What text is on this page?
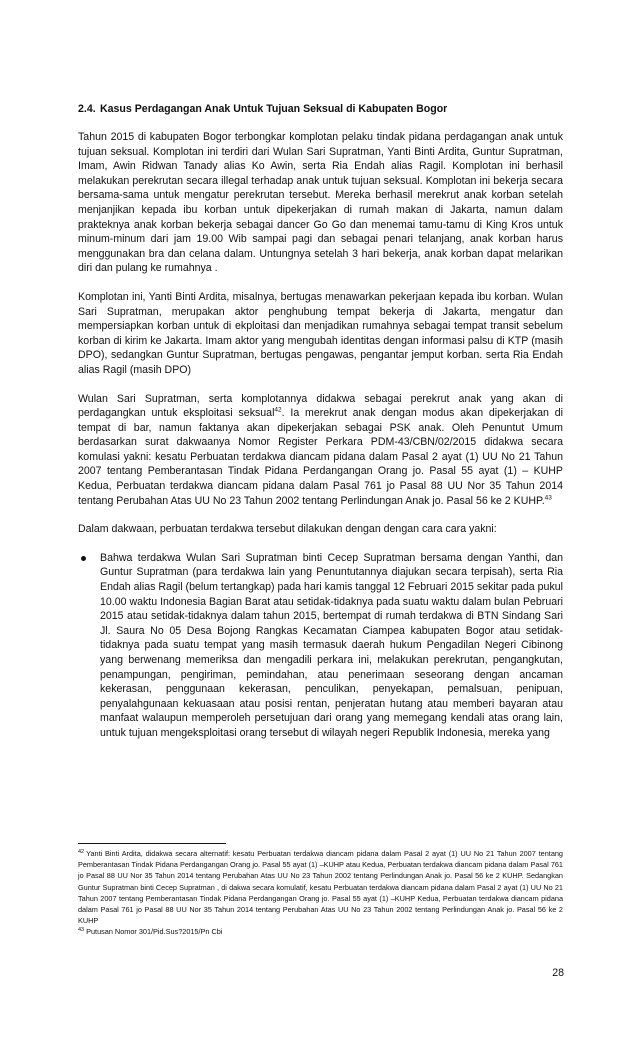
2.4. Kasus Perdagangan Anak Untuk Tujuan Seksual di Kabupaten Bogor

Tahun 2015 di kabupaten Bogor terbongkar komplotan pelaku tindak pidana perdagangan anak untuk tujuan seksual. Komplotan ini terdiri dari Wulan Sari Supratman, Yanti Binti Ardita, Guntur Supratman, Imam, Awin Ridwan Tanady alias Ko Awin, serta Ria Endah alias Ragil. Komplotan ini berhasil melakukan perekrutan secara illegal terhadap anak untuk tujuan seksual. Komplotan ini bekerja secara bersama-sama untuk mengatur perekrutan tersebut. Mereka berhasil merekrut anak korban setelah menjanjikan kepada ibu korban untuk dipekerjakan di rumah makan di Jakarta, namun dalam prakteknya anak korban bekerja sebagai dancer Go Go dan menemai tamu-tamu di King Kros untuk minum-minum dari jam 19.00 Wib sampai pagi dan sebagai penari telanjang, anak korban harus menggunakan bra dan celana dalam. Untungnya setelah 3 hari bekerja, anak korban dapat melarikan diri dan pulang ke rumahnya .

Komplotan ini, Yanti Binti Ardita, misalnya, bertugas menawarkan pekerjaan kepada ibu korban. Wulan Sari Supratman, merupakan aktor penghubung tempat bekerja di Jakarta, mengatur dan mempersiapkan korban untuk di ekploitasi dan menjadikan rumahnya sebagai tempat transit sebelum korban di kirim ke Jakarta. Imam aktor yang mengubah identitas dengan informasi palsu di KTP (masih DPO), sedangkan Guntur Supratman, bertugas pengawas, pengantar jemput korban. serta Ria Endah alias Ragil (masih DPO)

Wulan Sari Supratman, serta komplotannya didakwa sebagai perekrut anak yang akan di perdagangkan untuk eksploitasi seksual$^{42}$. Ia merekrut anak dengan modus akan dipekerjakan di tempat di bar, namun faktanya akan dipekerjakan sebagai PSK anak. Oleh Penuntut Umum berdasarkan surat dakwaanya Nomor Register Perkara PDM-43/CBN/02/2015 didakwa secara komulasi yakni: kesatu Perbuatan terdakwa diancam pidana dalam Pasal 2 ayat (1) UU No 21 Tahun 2007 tentang Pemberantasan Tindak Pidana Perdangangan Orang jo. Pasal 55 ayat (1) – KUHP Kedua, Perbuatan terdakwa diancam pidana dalam Pasal 761 jo Pasal 88 UU Nor 35 Tahun 2014 tentang Perubahan Atas UU No 23 Tahun 2002 tentang Perlindungan Anak jo. Pasal 56 ke 2 KUHP.$^{43}$

Dalam dakwaan, perbuatan terdakwa tersebut dilakukan dengan dengan cara cara yakni:

Bahwa terdakwa Wulan Sari Supratman binti Cecep Supratman bersama dengan Yanthi, dan Guntur Supratman (para terdakwa lain yang Penuntutannya diajukan secara terpisah), serta Ria Endah alias Ragil (belum tertangkap) pada hari kamis tanggal 12 Februari 2015 sekitar pada pukul 10.00 waktu Indonesia Bagian Barat atau setidak-tidaknya pada suatu waktu dalam bulan Pebruari 2015 atau setidak-tidaknya dalam tahun 2015, bertempat di rumah terdakwa di BTN Sindang Sari Jl. Saura No 05 Desa Bojong Rangkas Kecamatan Ciampea kabupaten Bogor atau setidak-tidaknya pada suatu tempat yang masih termasuk daerah hukum Pengadilan Negeri Cibinong yang berwenang memeriksa dan mengadili perkara ini, melakukan perekrutan, pengangkutan, penampungan, pengiriman, pemindahan, atau penerimaan seseorang dengan ancaman kekerasan, penggunaan kekerasan, penculikan, penyekapan, pemalsuan, penipuan, penyalahgunaan kekuasaan atau posisi rentan, penjeratan hutang atau memberi bayaran atau manfaat walaupun memperoleh persetujuan dari orang yang memegang kendali atas orang lain, untuk tujuan mengeksploitasi orang tersebut di wilayah negeri Republik Indonesia, mereka yang

$^{42}$ Yanti Binti Ardita, didakwa secara alternatif: kesatu Perbuatan terdakwa diancam pidana dalam Pasal 2 ayat (1) UU No 21 Tahun 2007 tentang Pemberantasan Tindak Pidana Perdangangan Orang jo. Pasal 55 ayat (1) –KUHP atau Kedua, Perbuatan terdakwa diancam pidana dalam Pasal 761 jo Pasal 88 UU Nor 35 Tahun 2014 tentang Perubahan Atas UU No 23 Tahun 2002 tentang Perlindungan Anak jo. Pasal 56 ke 2 KUHP. Sedangkan Guntur Supratman binti Cecep Supratman , di dakwa secara komulatif, kesatu Perbuatan terdakwa diancam pidana dalam Pasal 2 ayat (1) UU No 21 Tahun 2007 tentang Pemberantasan Tindak Pidana Perdangangan Orang jo. Pasal 55 ayat (1) –KUHP Kedua, Perbuatan terdakwa diancam pidana dalam Pasal 761 jo Pasal 88 UU Nor 35 Tahun 2014 tentang Perubahan Atas UU No 23 Tahun 2002 tentang Perlindungan Anak jo. Pasal 56 ke 2 KUHP

$^{43}$ Putusan Nomor 301/Pid.Sus?2015/Pn Cbi

28
